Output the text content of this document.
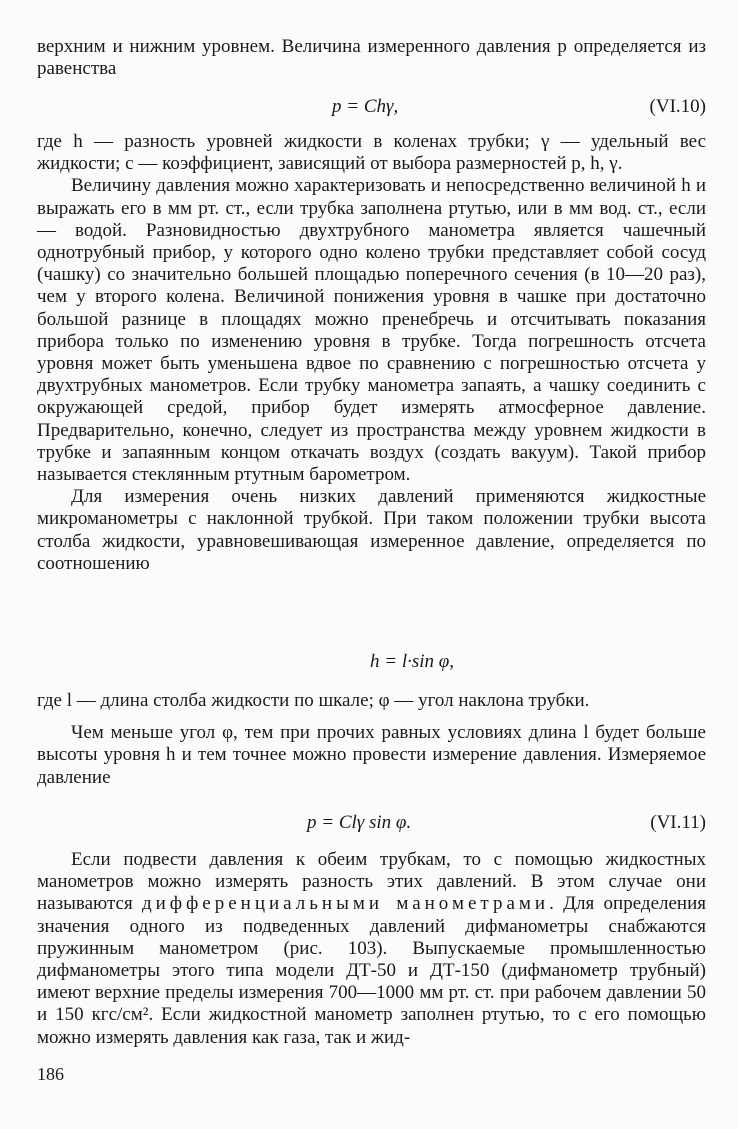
верхним и нижним уровнем. Величина измеренного давления p определяется из равенства

p = Chγ,	(VI.10)

где h — разность уровней жидкости в коленах трубки; γ — удельный вес жидкости; c — коэффициент, зависящий от выбора размерностей p, h, γ.

Величину давления можно характеризовать и непосредственно величиной h и выражать его в мм рт. ст., если трубка заполнена ртутью, или в мм вод. ст., если — водой. Разновидностью двухтрубного манометра является чашечный однотрубный прибор, у которого одно колено трубки представляет собой сосуд (чашку) со значительно большей площадью поперечного сечения (в 10—20 раз), чем у второго колена. Величиной понижения уровня в чашке при достаточно большой разнице в площадях можно пренебречь и отсчитывать показания прибора только по изменению уровня в трубке. Тогда погрешность отсчета уровня может быть уменьшена вдвое по сравнению с погрешностью отсчета у двухтрубных манометров. Если трубку манометра запаять, а чашку соединить с окружающей средой, прибор будет измерять атмосферное давление. Предварительно, конечно, следует из пространства между уровнем жидкости в трубке и запаянным концом откачать воздух (создать вакуум). Такой прибор называется стеклянным ртутным барометром.

Для измерения очень низких давлений применяются жидкостные микроманометры с наклонной трубкой. При таком положении трубки высота столба жидкости, уравновешивающая измеренное давление, определяется по соотношению

h = l·sin φ,

где l — длина столба жидкости по шкале; φ — угол наклона трубки.

Чем меньше угол φ, тем при прочих равных условиях длина l будет больше высоты уровня h и тем точнее можно провести измерение давления. Измеряемое давление

p = Clγ sin φ.	(VI.11)

Если подвести давления к обеим трубкам, то с помощью жидкостных манометров можно измерять разность этих давлений. В этом случае они называются дифференциальными манометрами. Для определения значения одного из подведенных давлений дифманометры снабжаются пружинным манометром (рис. 103). Выпускаемые промышленностью дифманометры этого типа модели ДТ-50 и ДТ-150 (дифманометр трубный) имеют верхние пределы измерения 700—1000 мм рт. ст. при рабочем давлении 50 и 150 кгс/см². Если жидкостной манометр заполнен ртутью, то с его помощью можно измерять давления как газа, так и жид-

186
